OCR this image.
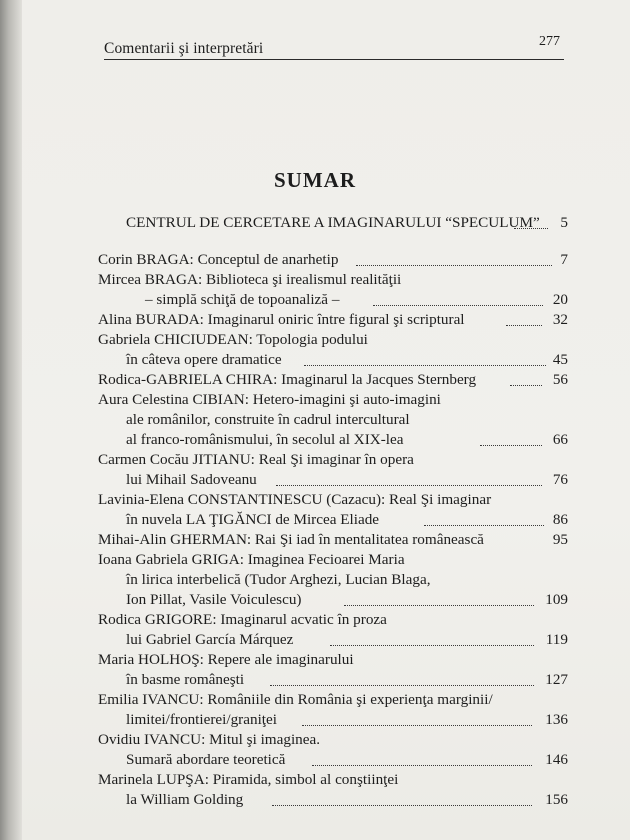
Comentarii şi interpretări	277
SUMAR
CENTRUL DE CERCETARE A IMAGINARULUI “SPECULUM” 5
Corin BRAGA: Conceptul de anarhetip	7
Mircea BRAGA: Biblioteca şi irealismul realităţii
– simplă schiţă de topoanaliză –	20
Alina BURADA: Imaginarul oniric între figural şi scriptural	32
Gabriela CHICIUDEAN: Topologia podului
în câteva opere dramatice	45
Rodica-GABRIELA CHIRA: Imaginarul la Jacques Sternberg	56
Aura Celestina CIBIAN: Hetero-imagini şi auto-imagini
ale românilor, construite în cadrul intercultural
al franco-românismului, în secolul al XIX-lea	66
Carmen Cocău JITIANU: Real Şi imaginar în opera
lui Mihail Sadoveanu	76
Lavinia-Elena CONSTANTINESCU (Cazacu): Real Şi imaginar
în nuvela LA ŢIGĂNCI de Mircea Eliade	86
Mihai-Alin GHERMAN: Rai Şi iad în mentalitatea românească	95
Ioana Gabriela GRIGA: Imaginea Fecioarei Maria
în lirica interbelică (Tudor Arghezi, Lucian Blaga,
Ion Pillat, Vasile Voiculescu)	109
Rodica GRIGORE: Imaginarul acvatic în proza
lui Gabriel García Márquez	119
Maria HOLHOŞ: Repere ale imaginarului
în basme româneşti	127
Emilia IVANCU: Româniile din România şi experienţa marginii/
limitei/frontierei/graniţei	136
Ovidiu IVANCU: Mitul şi imaginea.
Sumară abordare teoretică	146
Marinela LUPŞA: Piramida, simbol al conştiinţei
la William Golding	156
